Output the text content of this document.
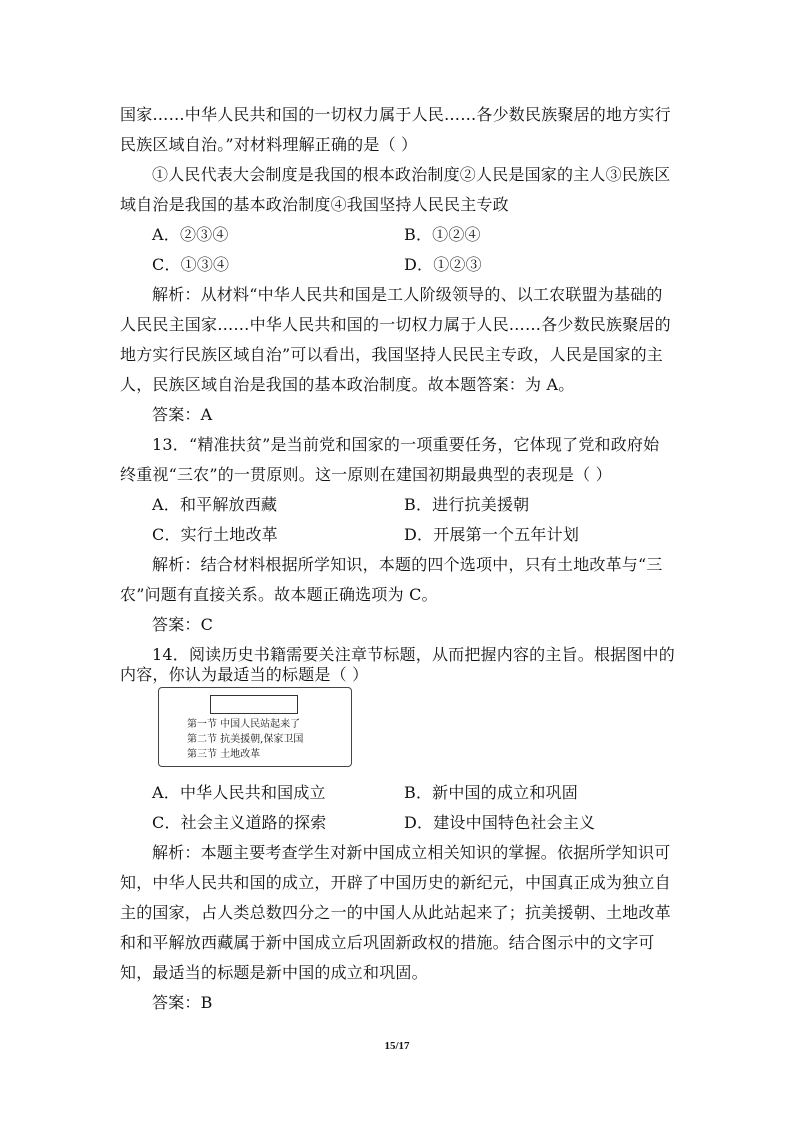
国家……中华人民共和国的一切权力属于人民……各少数民族聚居的地方实行
民族区域自治。”对材料理解正确的是（ ）
①人民代表大会制度是我国的根本政治制度②人民是国家的主人③民族区
域自治是我国的基本政治制度④我国坚持人民民主专政
A．②③④	B．①②④
C．①③④	D．①②③
解析：从材料“中华人民共和国是工人阶级领导的、以工农联盟为基础的
人民民主国家……中华人民共和国的一切权力属于人民……各少数民族聚居的
地方实行民族区域自治”可以看出，我国坚持人民民主专政，人民是国家的主
人，民族区域自治是我国的基本政治制度。故本题答案：为 A。
答案：A
13．“精准扶贫”是当前党和国家的一项重要任务，它体现了党和政府始
终重视“三农”的一贯原则。这一原则在建国初期最典型的表现是（ ）
A．和平解放西藏	B．进行抗美援朝
C．实行土地改革	D．开展第一个五年计划
解析：结合材料根据所学知识，本题的四个选项中，只有土地改革与“三
农”问题有直接关系。故本题正确选项为 C。
答案：C
14．阅读历史书籍需要关注章节标题，从而把握内容的主旨。根据图中的
内容，你认为最适当的标题是（ ）
第一节 中国人民站起来了
第二节 抗美援朝,保家卫国
第三节 土地改革
A．中华人民共和国成立	B．新中国的成立和巩固
C．社会主义道路的探索	D．建设中国特色社会主义
解析：本题主要考查学生对新中国成立相关知识的掌握。依据所学知识可
知，中华人民共和国的成立，开辟了中国历史的新纪元，中国真正成为独立自
主的国家，占人类总数四分之一的中国人从此站起来了；抗美援朝、土地改革
和和平解放西藏属于新中国成立后巩固新政权的措施。结合图示中的文字可
知，最适当的标题是新中国的成立和巩固。
答案：B
15/17
